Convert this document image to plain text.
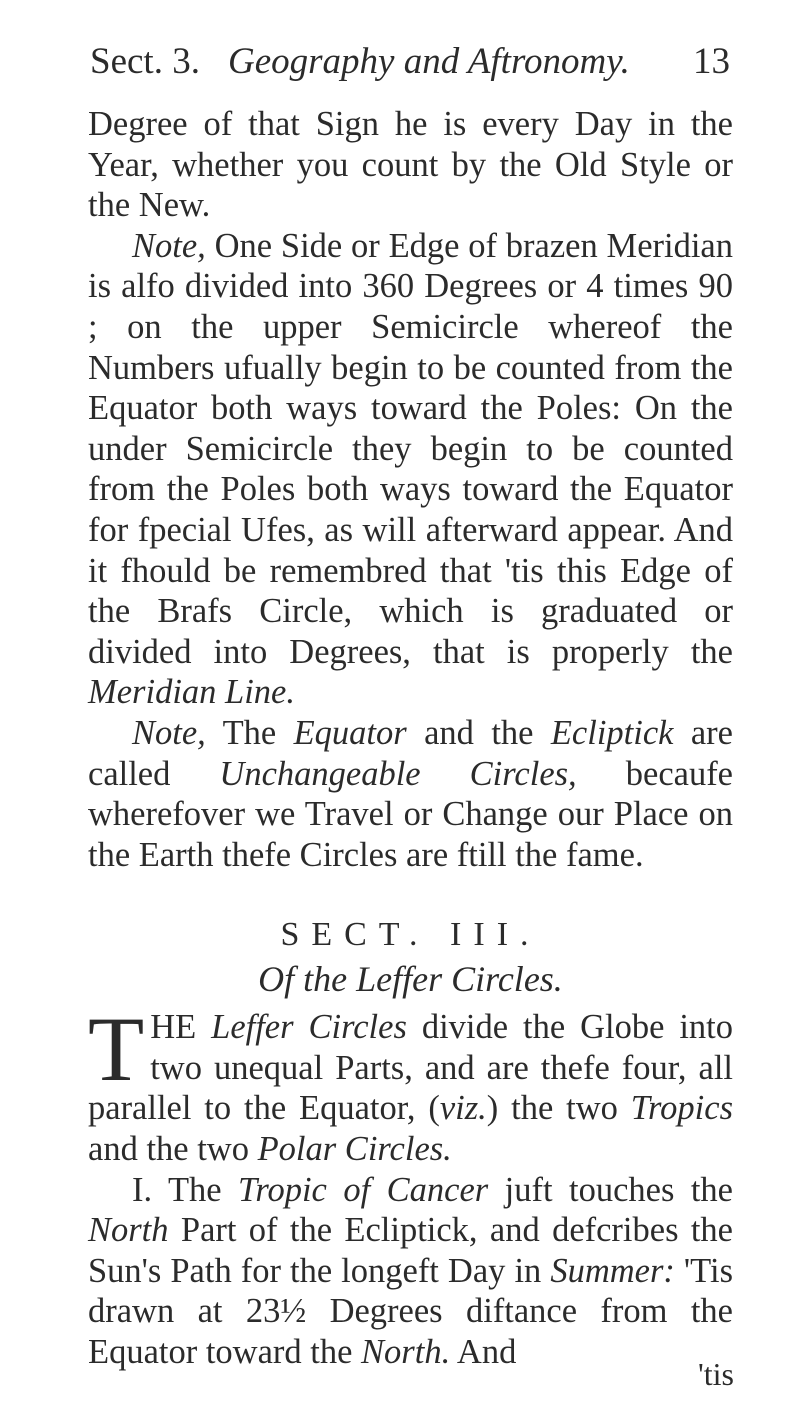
Sect. 3. Geography and Aftronomy. 13

Degree of that Sign he is every Day in the Year, whether you count by the Old Style or the New.

Note, One Side or Edge of brazen Meridian is alfo divided into 360 Degrees or 4 times 90 ; on the upper Semicircle whereof the Numbers ufually begin to be counted from the Equator both ways toward the Poles: On the under Semicircle they begin to be counted from the Poles both ways toward the Equator for fpecial Ufes, as will afterward appear. And it fhould be remembred that 'tis this Edge of the Brafs Circle, which is graduated or divided into Degrees, that is properly the Meridian Line.

Note, The Equator and the Ecliptick are called Unchangeable Circles, becaufe wherefover we Travel or Change our Place on the Earth thefe Circles are ftill the fame.

SECT. III.
Of the Leffer Circles.

THE Leffer Circles divide the Globe into two unequal Parts, and are thefe four, all parallel to the Equator, (viz.) the two Tropics and the two Polar Circles.

I. The Tropic of Cancer juft touches the North Part of the Ecliptick, and defcribes the Sun's Path for the longeft Day in Summer: 'Tis drawn at 23½ Degrees diftance from the Equator toward the North. And

'tis
